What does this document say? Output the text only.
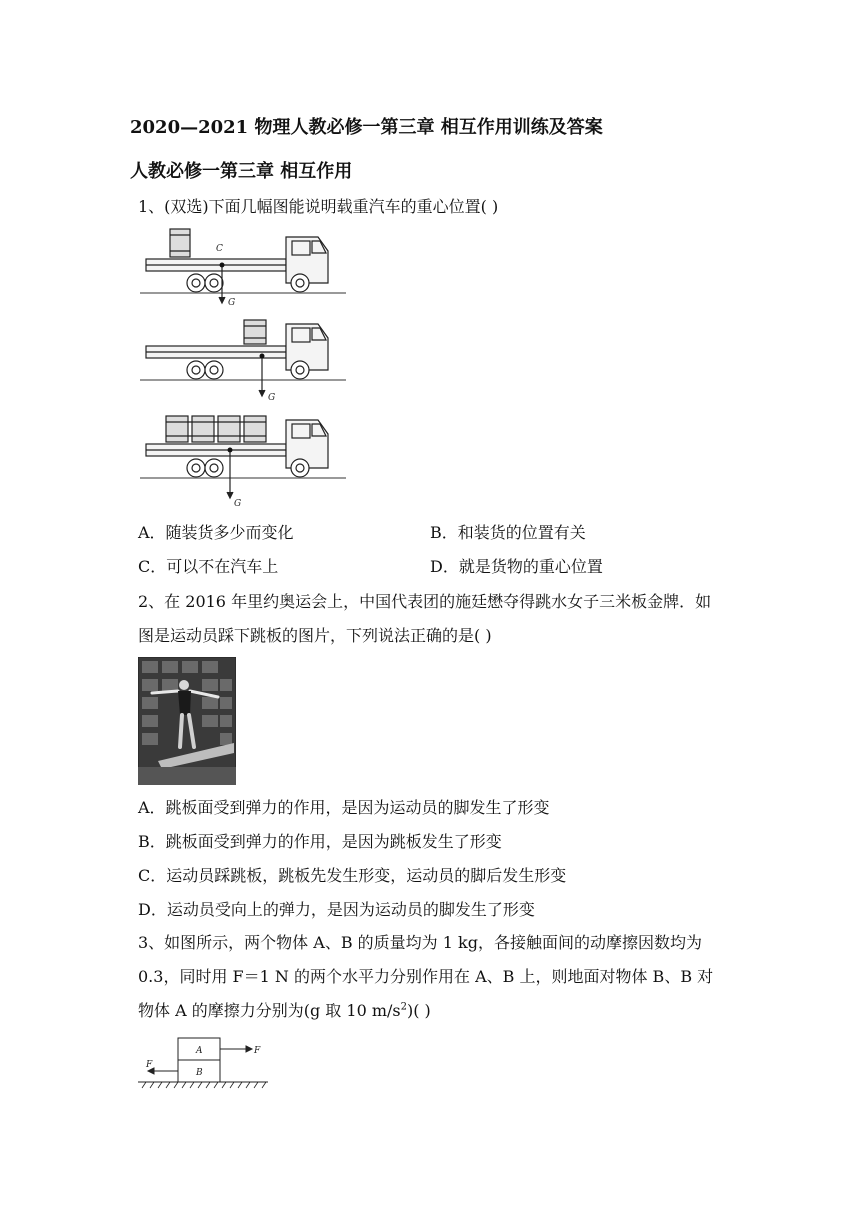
2020—2021 物理人教必修一第三章 相互作用训练及答案
人教必修一第三章 相互作用
1、(双选)下面几幅图能说明载重汽车的重心位置( )
C
G
G
G
A．随装货多少而变化	B．和装货的位置有关
C．可以不在汽车上	D．就是货物的重心位置
2、在 2016 年里约奥运会上，中国代表团的施廷懋夺得跳水女子三米板金牌．如
图是运动员踩下跳板的图片，下列说法正确的是( )
A．跳板面受到弹力的作用，是因为运动员的脚发生了形变
B．跳板面受到弹力的作用，是因为跳板发生了形变
C．运动员踩跳板，跳板先发生形变，运动员的脚后发生形变
D．运动员受向上的弹力，是因为运动员的脚发生了形变
3、如图所示，两个物体 A、B 的质量均为 1 kg，各接触面间的动摩擦因数均为
0.3，同时用 F＝1 N 的两个水平力分别作用在 A、B 上，则地面对物体 B、B 对
物体 A 的摩擦力分别为(g 取 10 $m/s^2$)( )
A
B
F
F
